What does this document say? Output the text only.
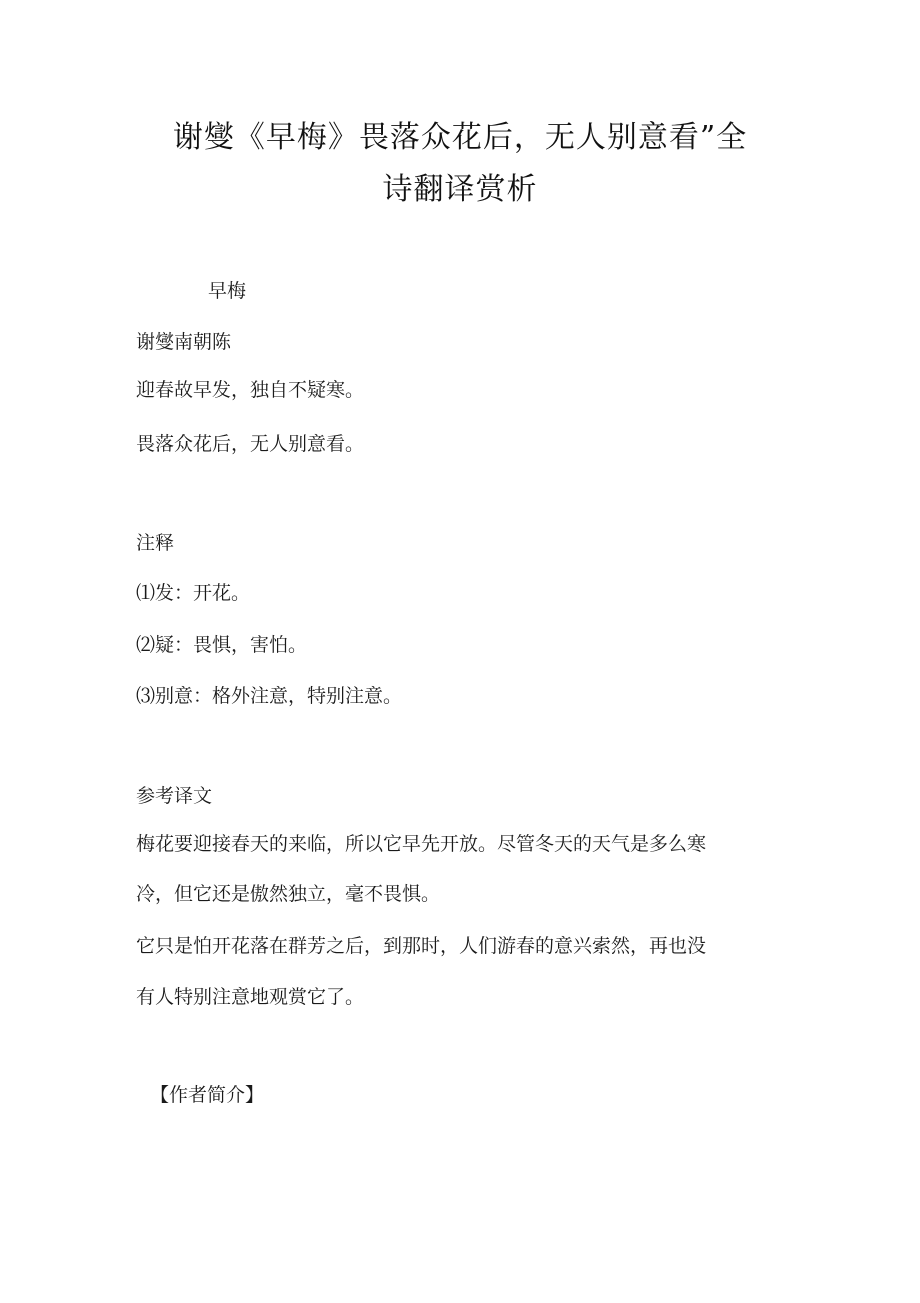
谢燮《早梅》畏落众花后，无人别意看”全
诗翻译赏析
早梅
谢燮南朝陈
迎春故早发，独自不疑寒。
畏落众花后，无人别意看。
注释
⑴发：开花。
⑵疑：畏惧，害怕。
⑶别意：格外注意，特别注意。
参考译文
梅花要迎接春天的来临，所以它早先开放。尽管冬天的天气是多么寒
冷，但它还是傲然独立，毫不畏惧。
它只是怕开花落在群芳之后，到那时，人们游春的意兴索然，再也没
有人特别注意地观赏它了。
【作者简介】
